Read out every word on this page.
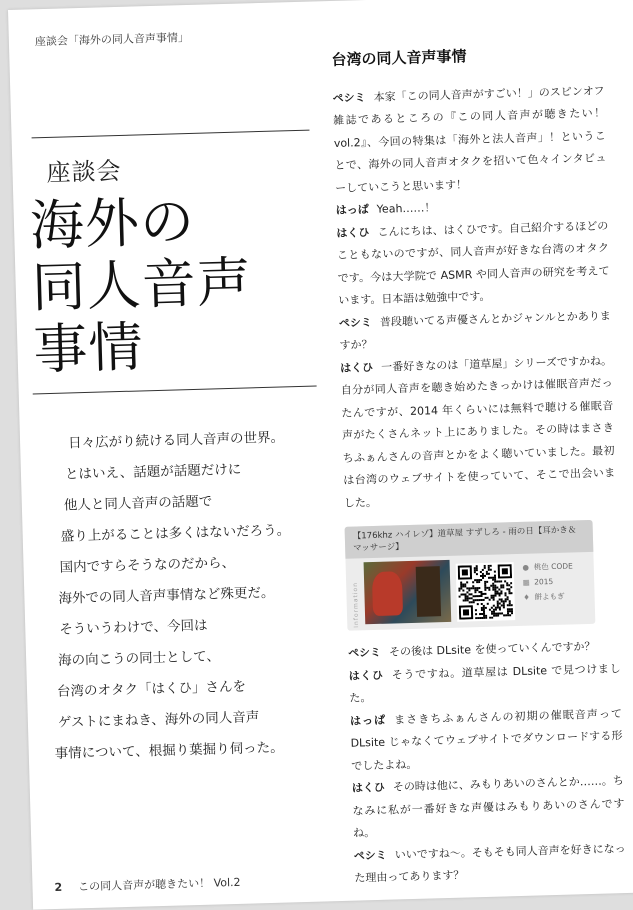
座談会「海外の同人音声事情」
座談会
海外の
同人音声
事情
日々広がり続ける同人音声の世界。
とはいえ、話題が話題だけに
他人と同人音声の話題で
盛り上がることは多くはないだろう。
国内ですらそうなのだから、
海外での同人音声事情など殊更だ。
そういうわけで、今回は
海の向こうの同士として、
台湾のオタク「はくひ」さんを
ゲストにまねき、海外の同人音声
事情について、根掘り葉掘り伺った。
台湾の同人音声事情

ペシミ 本家「この同人音声がすごい！」のスピンオフ雑誌であるところの『この同人音声が聴きたい！ vol.2』、今回の特集は「海外と法人音声」！ということで、海外の同人音声オタクを招いて色々インタビューしていこうと思います！

はっぱ Yeah……！

はくひ こんにちは、はくひです。自己紹介するほどのこともないのですが、同人音声が好きな台湾のオタクです。今は大学院で ASMR や同人音声の研究を考えています。日本語は勉強中です。

ペシミ 普段聴いてる声優さんとかジャンルとかありますか？

はくひ 一番好きなのは「道草屋」シリーズですかね。自分が同人音声を聴き始めたきっかけは催眠音声だったんですが、2014 年くらいには無料で聴ける催眠音声がたくさんネット上にありました。その時はまさきちふぁんさんの音声とかをよく聴いていました。最初は台湾のウェブサイトを使っていて、そこで出会いました。

【176khz ハイレゾ】道草屋 すずしろ - 雨の日【耳かき＆マッサージ】
Information
● 桃色 CODE
▦ 2015
♦ 餅よもぎ

ペシミ その後は DLsite を使っていくんですか？

はくひ そうですね。道草屋は DLsite で見つけました。

はっぱ まさきちふぁんさんの初期の催眠音声って DLsite じゃなくてウェブサイトでダウンロードする形でしたよね。

はくひ その時は他に、みもりあいのさんとか……。ちなみに私が一番好きな声優はみもりあいのさんですね。

ペシミ いいですね〜。そもそも同人音声を好きになった理由ってあります？

2 この同人音声が聴きたい！ Vol.2
